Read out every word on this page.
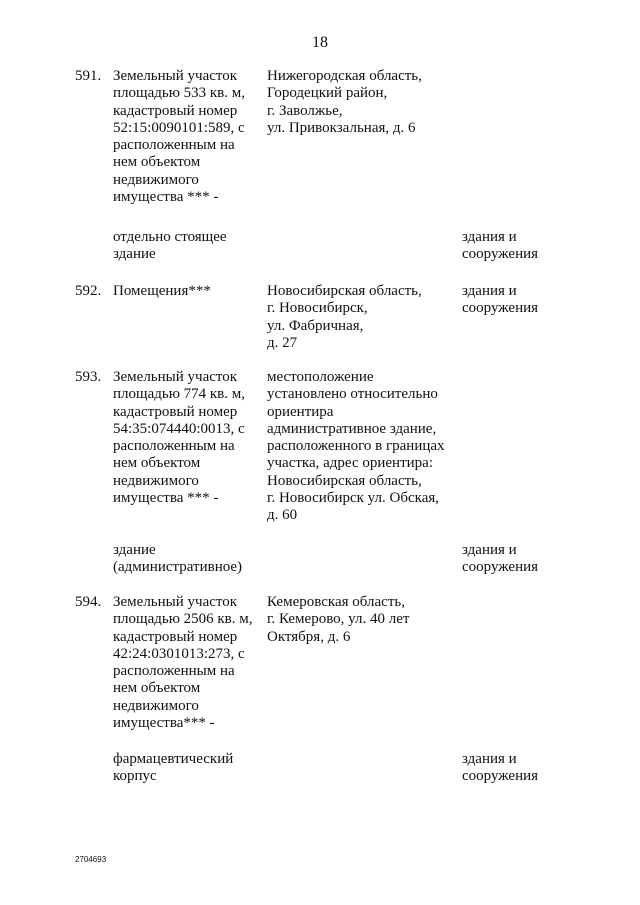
18
591. Земельный участок
площадью 533 кв. м,
кадастровый номер
52:15:0090101:589, с
расположенным на
нем объектом
недвижимого
имущества *** -
Нижегородская область,
Городецкий район,
г. Заволжье,
ул. Привокзальная, д. 6
отдельно стоящее
здание
здания и
сооружения
592. Помещения***	Новосибирская область,
г. Новосибирск,
ул. Фабричная,
д. 27
здания и
сооружения
593. Земельный участок
площадью 774 кв. м,
кадастровый номер
54:35:074440:0013, с
расположенным на
нем объектом
недвижимого
имущества *** -
местоположение
установлено относительно
ориентира
административное здание,
расположенного в границах
участка, адрес ориентира:
Новосибирская область,
г. Новосибирск ул. Обская,
д. 60
здание
(административное)
здания и
сооружения
594. Земельный участок
площадью 2506 кв. м,
кадастровый номер
42:24:0301013:273, с
расположенным на
нем объектом
недвижимого
имущества*** -
Кемеровская область,
г. Кемерово, ул. 40 лет
Октября, д. 6
фармацевтический
корпус
здания и
сооружения
2704693
